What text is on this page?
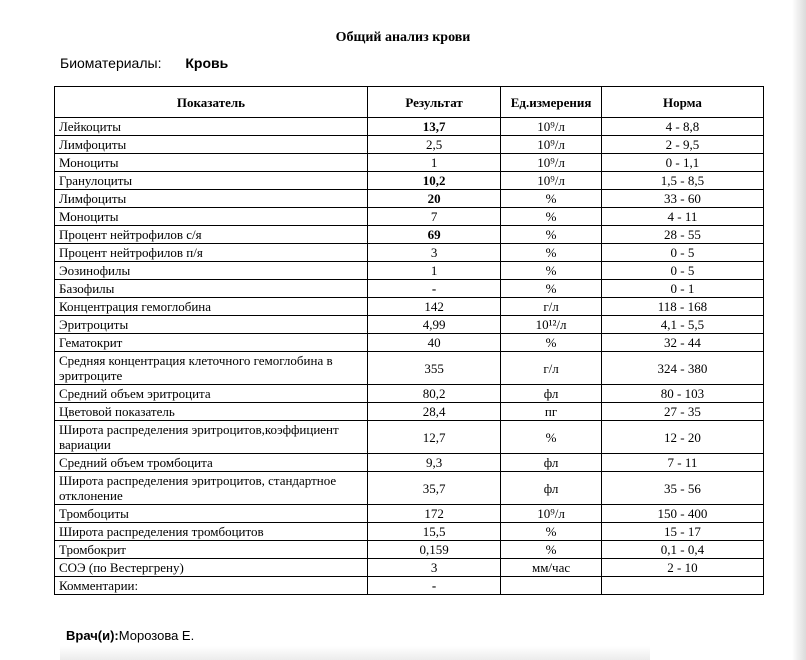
Общий анализ крови
Биоматериалы: Кровь
Показатель	Результат	Ед.измерения	Норма
Лейкоциты	13,7	10⁹/л	4 - 8,8
Лимфоциты	2,5	10⁹/л	2 - 9,5
Моноциты	1	10⁹/л	0 - 1,1
Гранулоциты	10,2	10⁹/л	1,5 - 8,5
Лимфоциты	20	%	33 - 60
Моноциты	7	%	4 - 11
Процент нейтрофилов с/я	69	%	28 - 55
Процент нейтрофилов п/я	3	%	0 - 5
Эозинофилы	1	%	0 - 5
Базофилы	-	%	0 - 1
Концентрация гемоглобина	142	г/л	118 - 168
Эритроциты	4,99	10¹²/л	4,1 - 5,5
Гематокрит	40	%	32 - 44
Средняя концентрация клеточного гемоглобина в эритроците	355	г/л	324 - 380
Средний объем эритроцита	80,2	фл	80 - 103
Цветовой показатель	28,4	пг	27 - 35
Широта распределения эритроцитов,коэффициент вариации	12,7	%	12 - 20
Средний объем тромбоцита	9,3	фл	7 - 11
Широта распределения эритроцитов, стандартное отклонение	35,7	фл	35 - 56
Тромбоциты	172	10⁹/л	150 - 400
Широта распределения тромбоцитов	15,5	%	15 - 17
Тромбокрит	0,159	%	0,1 - 0,4
СОЭ (по Вестергрену)	3	мм/час	2 - 10
Комментарии:	-		
Врач(и):Морозова Е.
